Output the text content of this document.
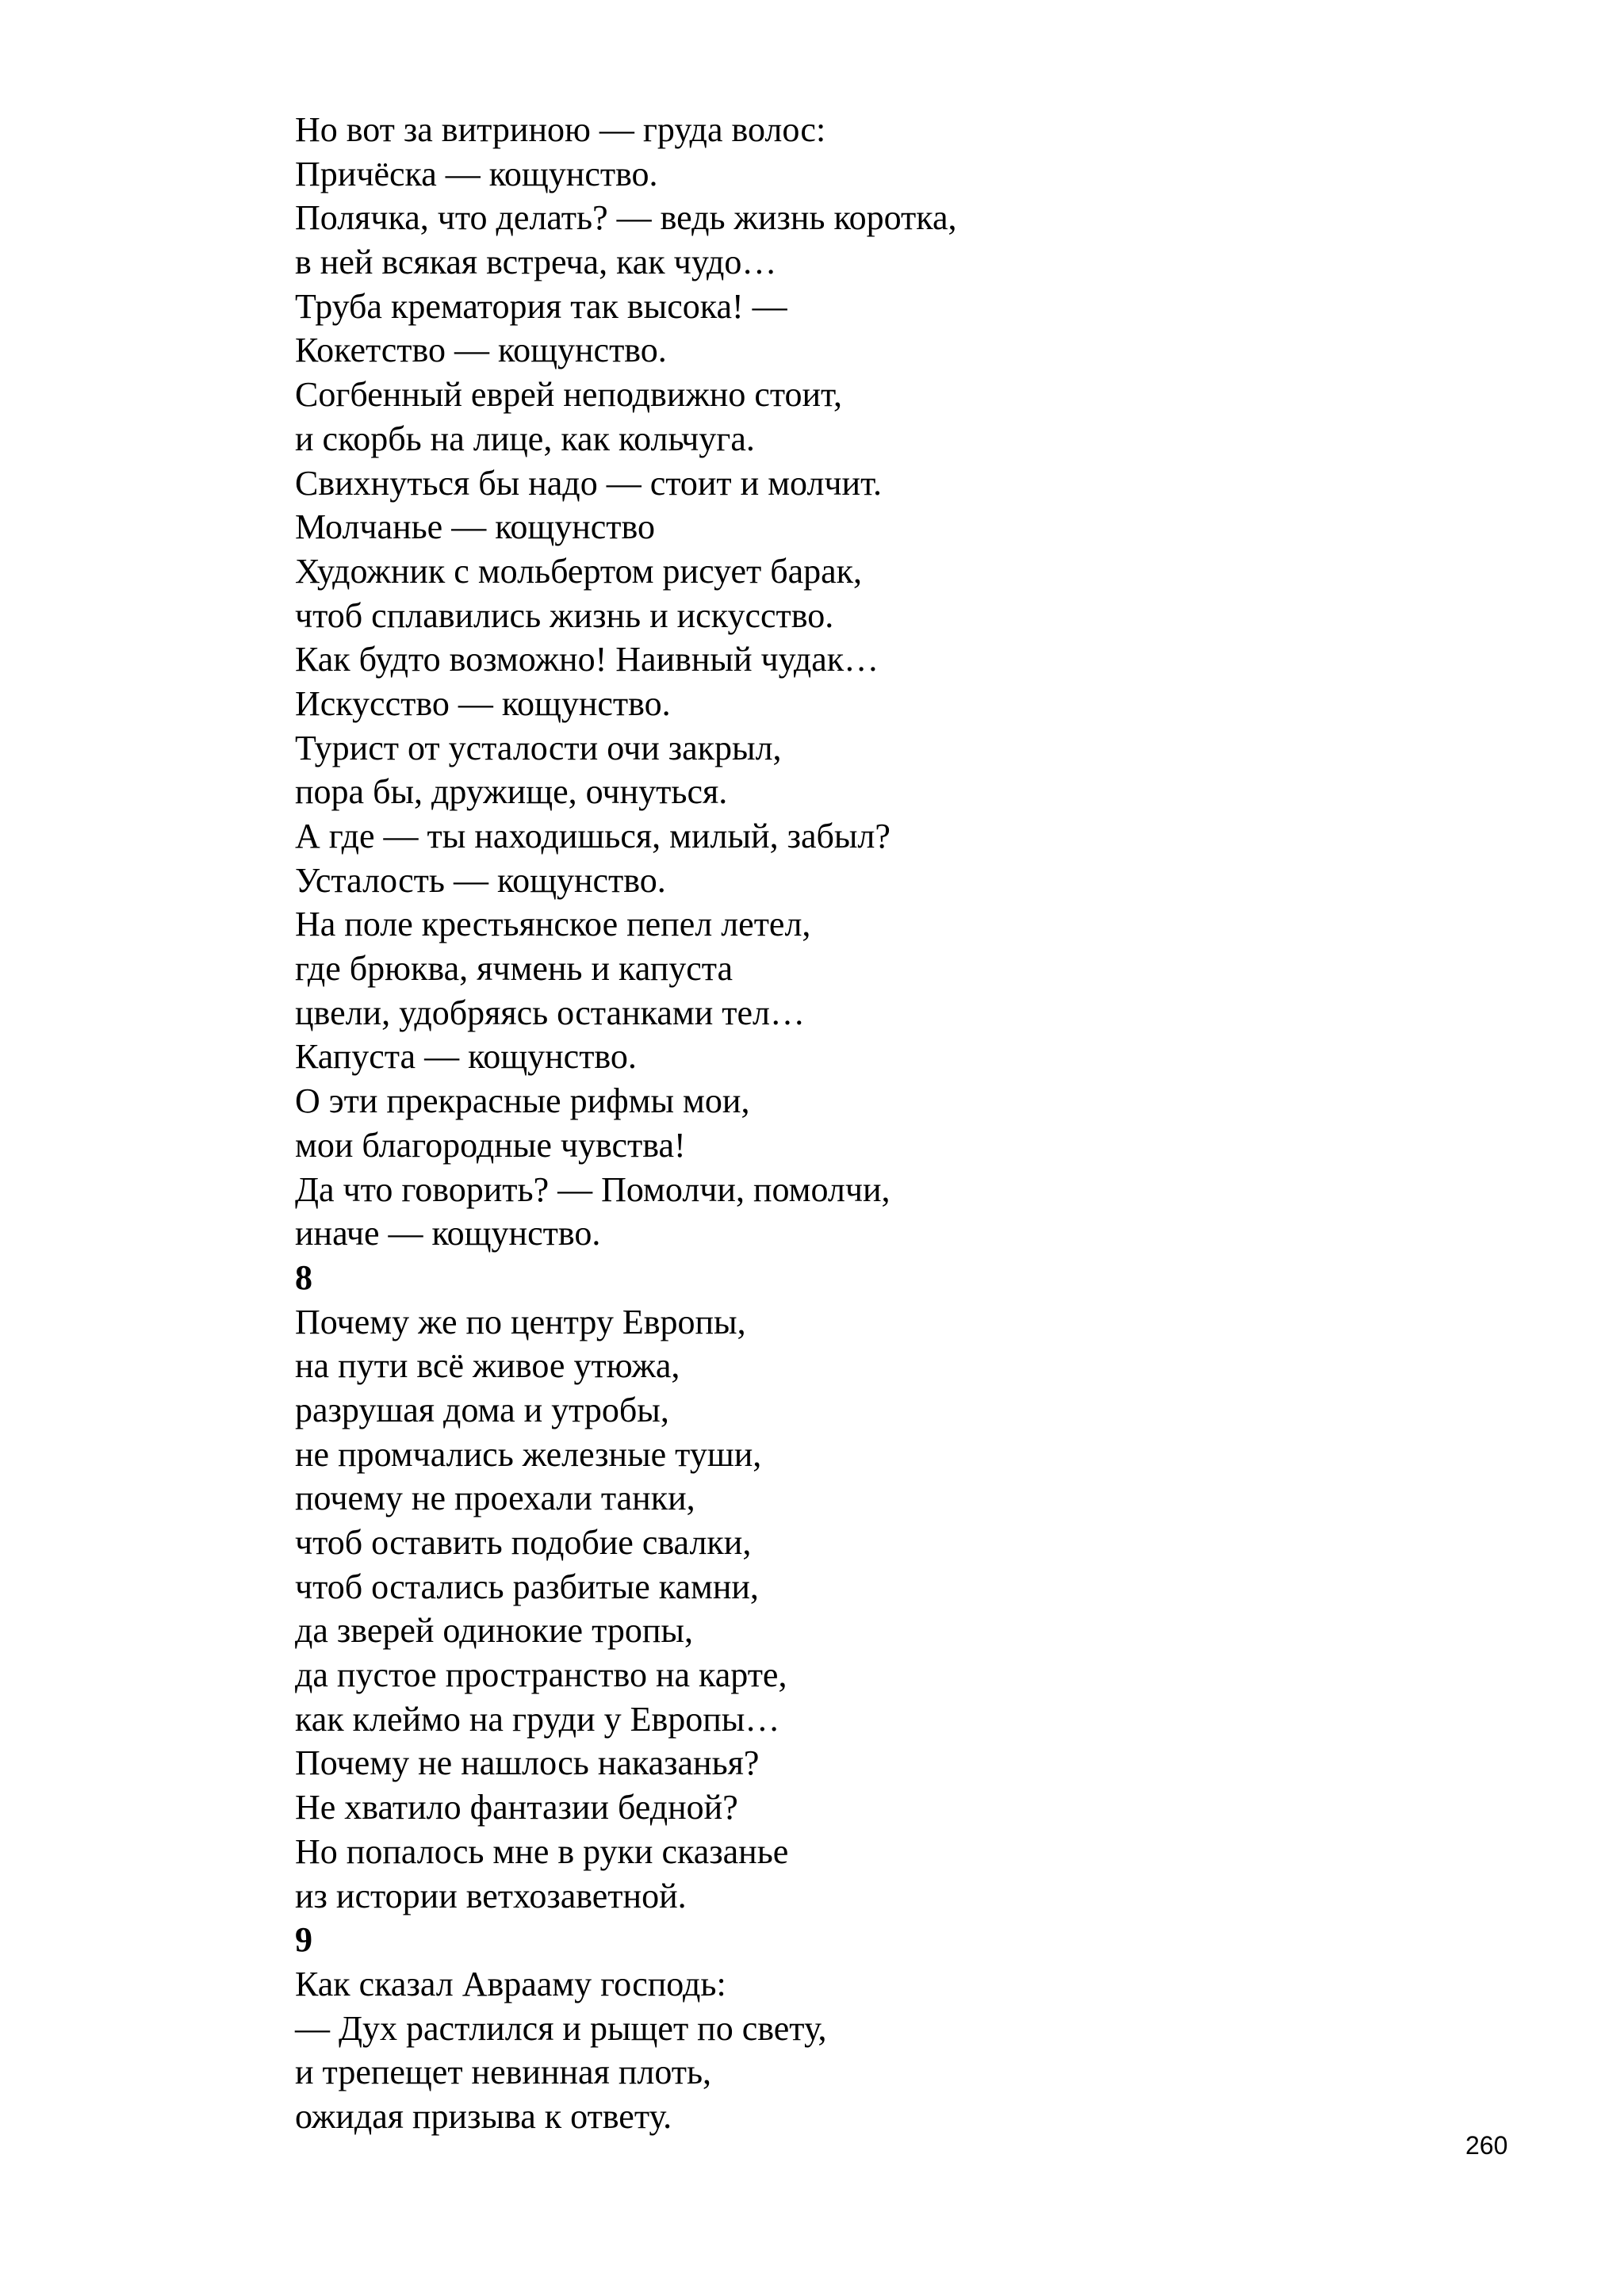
Но вот за витриною — груда волос:
Причёска — кощунство.
Полячка, что делать? — ведь жизнь коротка,
в ней всякая встреча, как чудо…
Труба крематория так высока! —
Кокетство — кощунство.
Согбенный еврей неподвижно стоит,
и скорбь на лице, как кольчуга.
Свихнуться бы надо — стоит и молчит.
Молчанье — кощунство
Художник с мольбертом рисует барак,
чтоб сплавились жизнь и искусство.
Как будто возможно! Наивный чудак…
Искусство — кощунство.
Турист от усталости очи закрыл,
пора бы, дружище, очнуться.
А где — ты находишься, милый, забыл?
Усталость — кощунство.
На поле крестьянское пепел летел,
где брюква, ячмень и капуста
цвели, удобряясь останками тел…
Капуста — кощунство.
О эти прекрасные рифмы мои,
мои благородные чувства!
Да что говорить? — Помолчи, помолчи,
иначе — кощунство.
8
Почему же по центру Европы,
на пути всё живое утюжа,
разрушая дома и утробы,
не промчались железные туши,
почему не проехали танки,
чтоб оставить подобие свалки,
чтоб остались разбитые камни,
да зверей одинокие тропы,
да пустое пространство на карте,
как клеймо на груди у Европы…
Почему не нашлось наказанья?
Не хватило фантазии бедной?
Но попалось мне в руки сказанье
из истории ветхозаветной.
9
Как сказал Аврааму господь:
— Дух растлился и рыщет по свету,
и трепещет невинная плоть,
ожидая призыва к ответу.
260
